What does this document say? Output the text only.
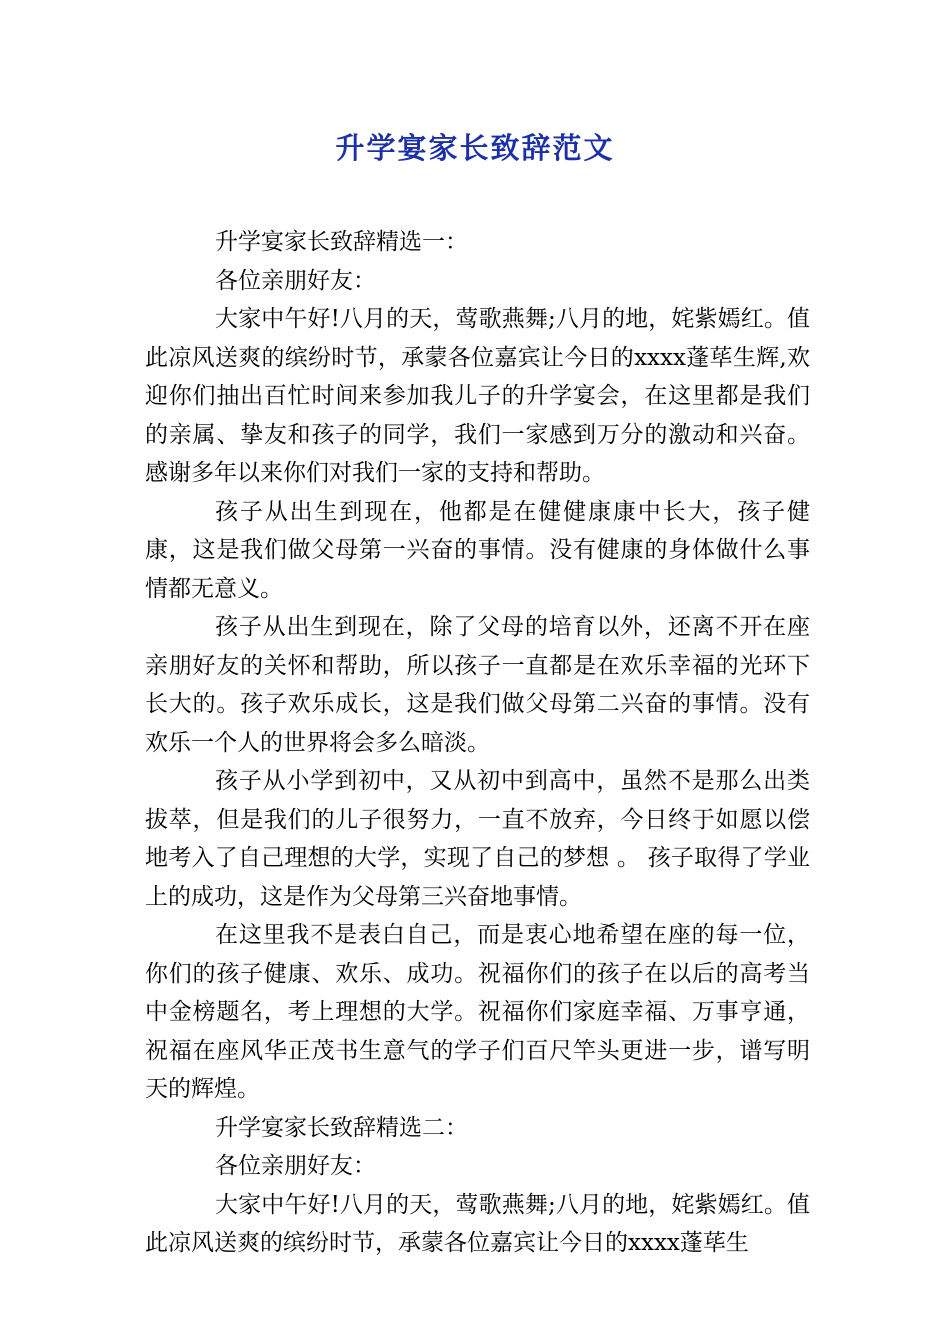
升学宴家长致辞范文

升学宴家长致辞精选一：

各位亲朋好友：

大家中午好!八月的天，莺歌燕舞;八月的地，姹紫嫣红。值此凉风送爽的缤纷时节，承蒙各位嘉宾让今日的xxxx蓬荜生辉,欢迎你们抽出百忙时间来参加我儿子的升学宴会，在这里都是我们的亲属、挚友和孩子的同学，我们一家感到万分的激动和兴奋。感谢多年以来你们对我们一家的支持和帮助。

孩子从出生到现在，他都是在健健康康中长大，孩子健康，这是我们做父母第一兴奋的事情。没有健康的身体做什么事情都无意义。

孩子从出生到现在，除了父母的培育以外，还离不开在座亲朋好友的关怀和帮助，所以孩子一直都是在欢乐幸福的光环下长大的。孩子欢乐成长，这是我们做父母第二兴奋的事情。没有欢乐一个人的世界将会多么暗淡。

孩子从小学到初中，又从初中到高中，虽然不是那么出类拔萃，但是我们的儿子很努力，一直不放弃，今日终于如愿以偿地考入了自己理想的大学，实现了自己的梦想 。 孩子取得了学业上的成功，这是作为父母第三兴奋地事情。

在这里我不是表白自己，而是衷心地希望在座的每一位，你们的孩子健康、欢乐、成功。祝福你们的孩子在以后的高考当中金榜题名，考上理想的大学。祝福你们家庭幸福、万事亨通，祝福在座风华正茂书生意气的学子们百尺竿头更进一步，谱写明天的辉煌。

升学宴家长致辞精选二：

各位亲朋好友：

大家中午好!八月的天，莺歌燕舞;八月的地，姹紫嫣红。值此凉风送爽的缤纷时节，承蒙各位嘉宾让今日的xxxx蓬荜生
